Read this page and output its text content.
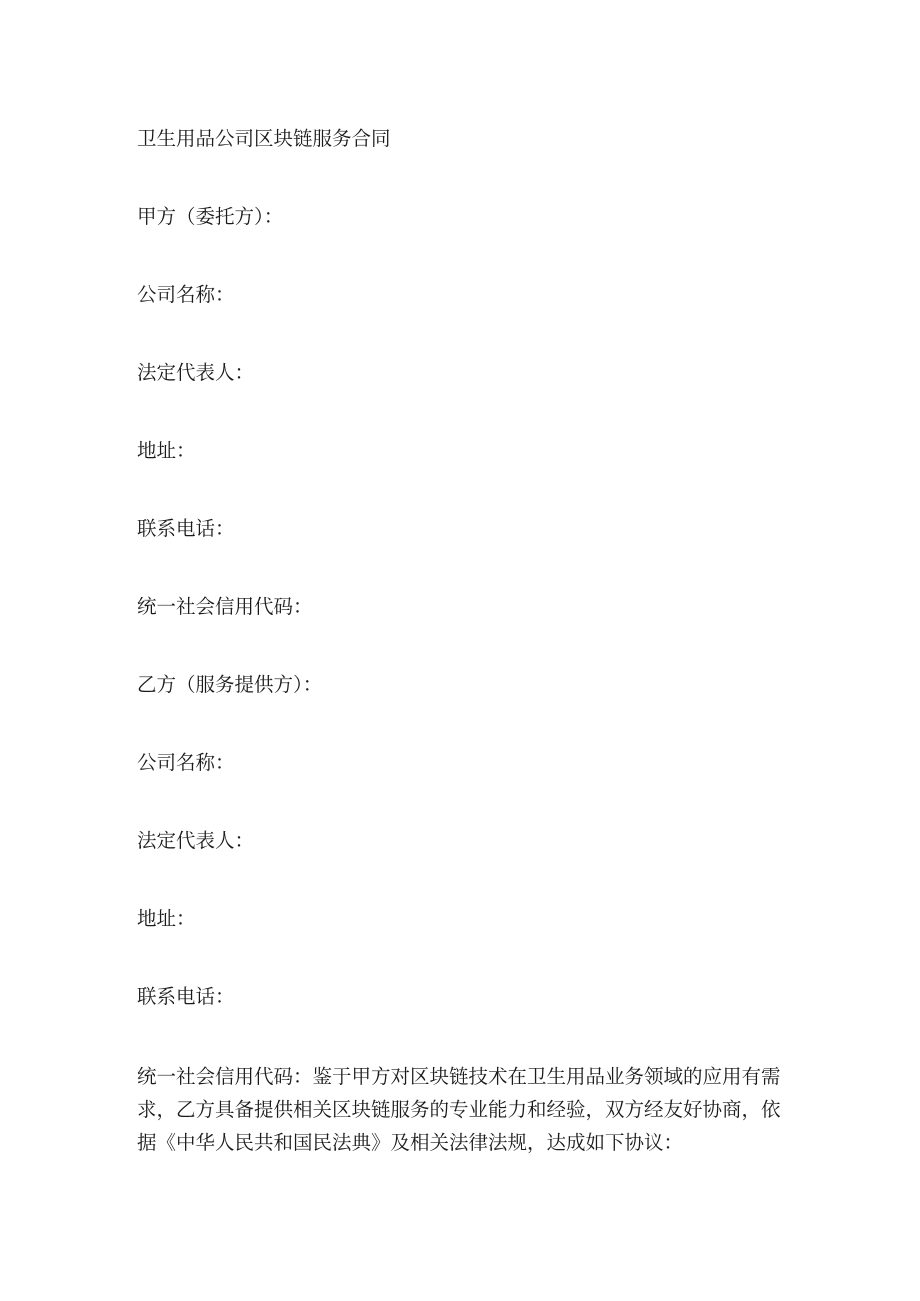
卫生用品公司区块链服务合同
甲方（委托方）：
公司名称：
法定代表人：
地址：
联系电话：
统一社会信用代码：
乙方（服务提供方）：
公司名称：
法定代表人：
地址：
联系电话：

统一社会信用代码：鉴于甲方对区块链技术在卫生用品业务领域的应用有需求，乙方具备提供相关区块链服务的专业能力和经验，双方经友好协商，依据《中华人民共和国民法典》及相关法律法规，达成如下协议：
